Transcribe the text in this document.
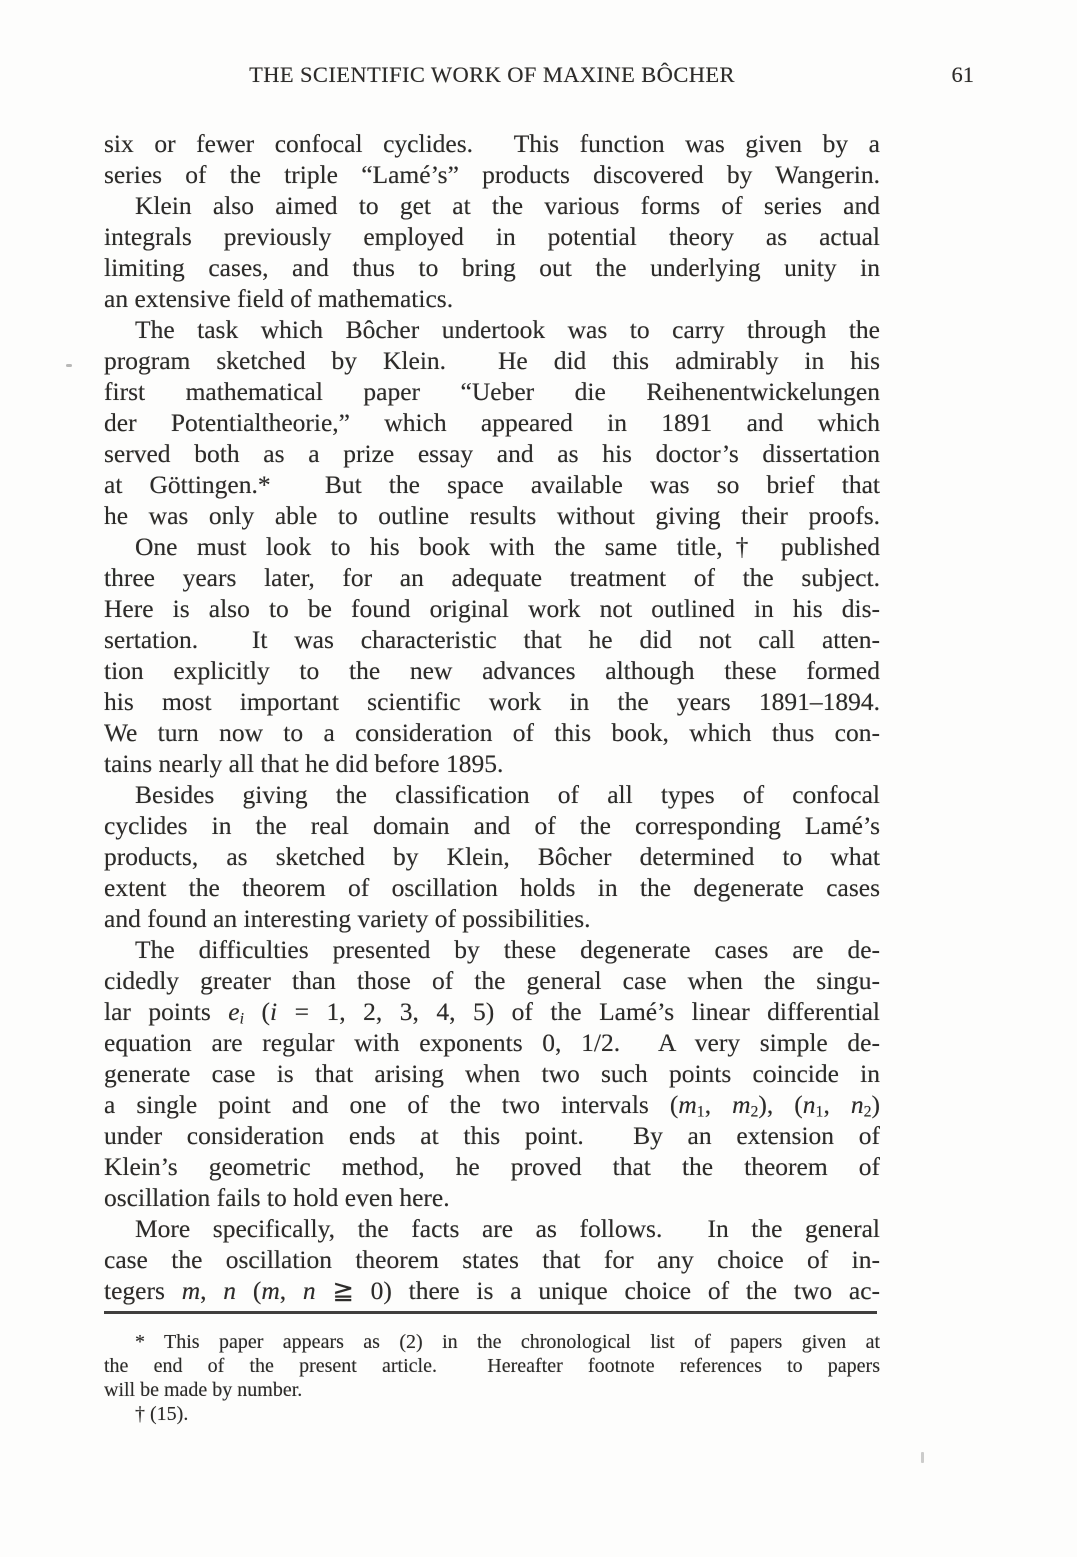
THE SCIENTIFIC WORK OF MAXINE BÔCHER	61
six or fewer confocal cyclides.  This function was given by a
series of the triple “Lamé’s” products discovered by Wangerin.
Klein also aimed to get at the various forms of series and
integrals previously employed in potential theory as actual
limiting cases, and thus to bring out the underlying unity in
an extensive field of mathematics.
The task which Bôcher undertook was to carry through the
program sketched by Klein.  He did this admirably in his
first mathematical paper “Ueber die Reihenentwickelungen
der Potentialtheorie,” which appeared in 1891 and which
served both as a prize essay and as his doctor’s dissertation
at Göttingen.*  But the space available was so brief that
he was only able to outline results without giving their proofs.
One must look to his book with the same title,† published
three years later, for an adequate treatment of the subject.
Here is also to be found original work not outlined in his dis-
sertation.  It was characteristic that he did not call atten-
tion explicitly to the new advances although these formed
his most important scientific work in the years 1891–1894.
We turn now to a consideration of this book, which thus con-
tains nearly all that he did before 1895.
Besides giving the classification of all types of confocal
cyclides in the real domain and of the corresponding Lamé’s
products, as sketched by Klein, Bôcher determined to what
extent the theorem of oscillation holds in the degenerate cases
and found an interesting variety of possibilities.
The difficulties presented by these degenerate cases are de-
cidedly greater than those of the general case when the singu-
lar points $e_i$ (i = 1, 2, 3, 4, 5) of the Lamé’s linear differential
equation are regular with exponents 0, 1/2.  A very simple de-
generate case is that arising when two such points coincide in
a single point and one of the two intervals ($m_1$, $m_2$), ($n_1$, $n_2$)
under consideration ends at this point.  By an extension of
Klein’s geometric method, he proved that the theorem of
oscillation fails to hold even here.
More specifically, the facts are as follows.  In the general
case the oscillation theorem states that for any choice of in-
tegers m, n (m, n ≧ 0) there is a unique choice of the two ac-
* This paper appears as (2) in the chronological list of papers given at
the end of the present article.  Hereafter footnote references to papers
will be made by number.
† (15).
